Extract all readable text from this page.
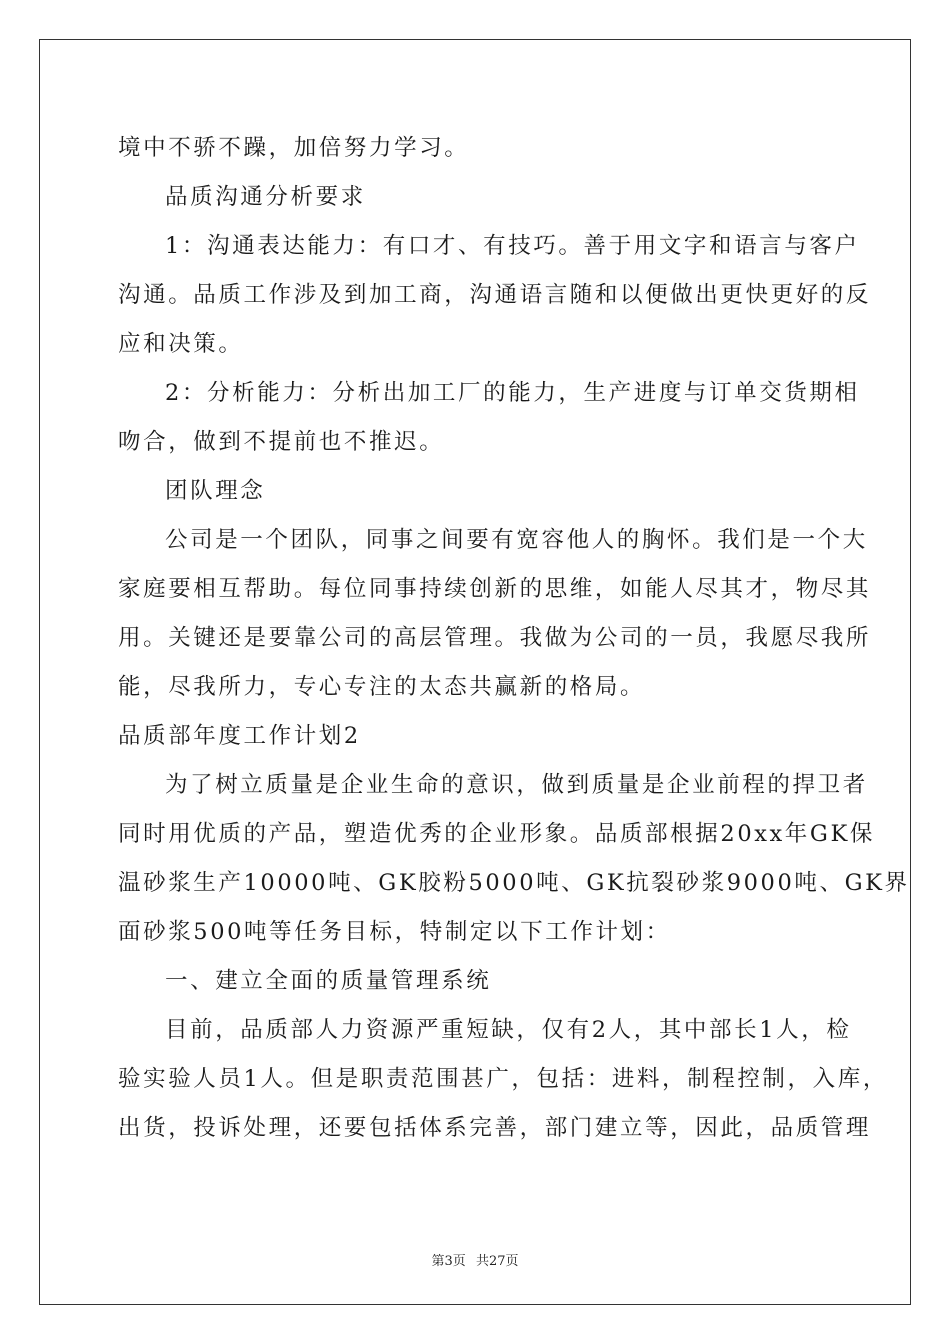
境中不骄不躁，加倍努力学习。
品质沟通分析要求
1：沟通表达能力：有口才、有技巧。善于用文字和语言与客户
沟通。品质工作涉及到加工商，沟通语言随和以便做出更快更好的反
应和决策。
2：分析能力：分析出加工厂的能力，生产进度与订单交货期相
吻合，做到不提前也不推迟。
团队理念
公司是一个团队，同事之间要有宽容他人的胸怀。我们是一个大
家庭要相互帮助。每位同事持续创新的思维，如能人尽其才，物尽其
用。关键还是要靠公司的高层管理。我做为公司的一员，我愿尽我所
能，尽我所力，专心专注的太态共赢新的格局。
品质部年度工作计划2
为了树立质量是企业生命的意识，做到质量是企业前程的捍卫者
同时用优质的产品，塑造优秀的企业形象。品质部根据20xx年GK保
温砂浆生产10000吨、GK胶粉5000吨、GK抗裂砂浆9000吨、GK界
面砂浆500吨等任务目标，特制定以下工作计划：
一、建立全面的质量管理系统
目前，品质部人力资源严重短缺，仅有2人，其中部长1人，检
验实验人员1人。但是职责范围甚广，包括：进料，制程控制，入库，
出货，投诉处理，还要包括体系完善，部门建立等，因此，品质管理
第3页 共27页
